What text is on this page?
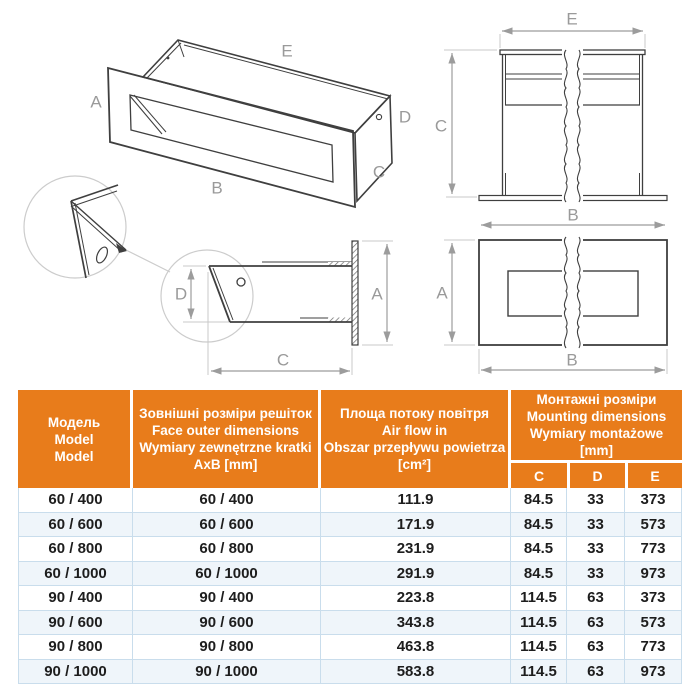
A
E
D
C
B
E
C
B
A
B
D	A
C
Модель
Model
Model
Зовнішні розміри решіток
Face outer dimensions
Wymiary zewnętrzne kratki
AxB [mm]
Площа потоку повітря
Air flow in
Obszar przepływu powietrza
[cm²]
Монтажні розміри
Mounting dimensions
Wymiary montażowe
[mm]
C	D	E
60 / 400	60 / 400	111.9	84.5	33	373
60 / 600	60 / 600	171.9	84.5	33	573
60 / 800	60 / 800	231.9	84.5	33	773
60 / 1000	60 / 1000	291.9	84.5	33	973
90 / 400	90 / 400	223.8	114.5	63	373
90 / 600	90 / 600	343.8	114.5	63	573
90 / 800	90 / 800	463.8	114.5	63	773
90 / 1000	90 / 1000	583.8	114.5	63	973
